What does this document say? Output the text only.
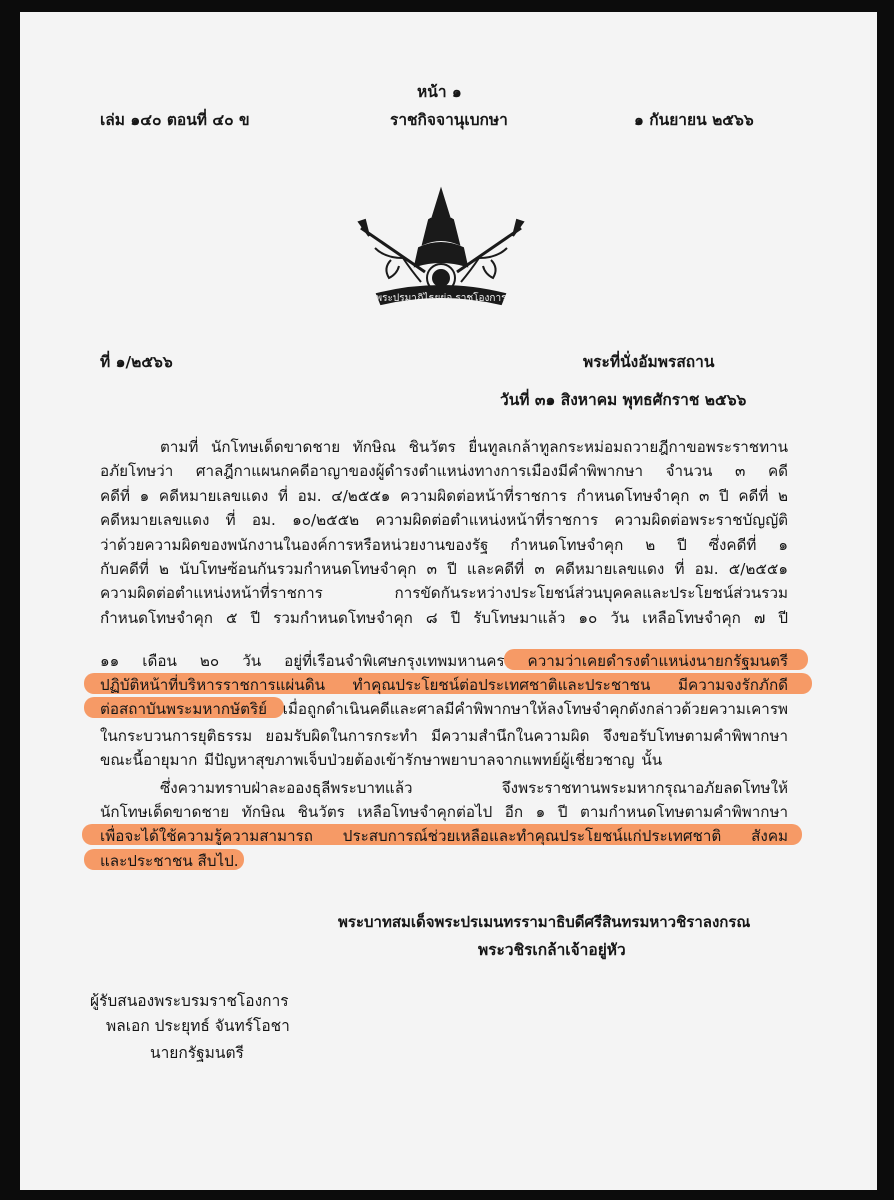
หน้า ๑
เล่ม ๑๔๐ ตอนที่ ๔๐ ข	ราชกิจจานุเบกษา	๑ กันยายน ๒๕๖๖
พระปรมาภิไธยย่อ ราชโองการ
ที่ ๑/๒๕๖๖	พระที่นั่งอัมพรสถาน
วันที่ ๓๑ สิงหาคม พุทธศักราช ๒๕๖๖
ตามที่ นักโทษเด็ดขาดชาย ทักษิณ ชินวัตร ยื่นทูลเกล้าทูลกระหม่อมถวายฎีกาขอพระราชทาน
อภัยโทษว่า ศาลฎีกาแผนกคดีอาญาของผู้ดำรงตำแหน่งทางการเมืองมีคำพิพากษา จำนวน ๓ คดี
คดีที่ ๑ คดีหมายเลขแดง ที่ อม. ๔/๒๕๕๑ ความผิดต่อหน้าที่ราชการ กำหนดโทษจำคุก ๓ ปี คดีที่ ๒
คดีหมายเลขแดง ที่ อม. ๑๐/๒๕๕๒ ความผิดต่อตำแหน่งหน้าที่ราชการ ความผิดต่อพระราชบัญญัติ
ว่าด้วยความผิดของพนักงานในองค์การหรือหน่วยงานของรัฐ กำหนดโทษจำคุก ๒ ปี ซึ่งคดีที่ ๑
กับคดีที่ ๒ นับโทษซ้อนกันรวมกำหนดโทษจำคุก ๓ ปี และคดีที่ ๓ คดีหมายเลขแดง ที่ อม. ๕/๒๕๕๑
ความผิดต่อตำแหน่งหน้าที่ราชการ การขัดกันระหว่างประโยชน์ส่วนบุคคลและประโยชน์ส่วนรวม
กำหนดโทษจำคุก ๕ ปี รวมกำหนดโทษจำคุก ๘ ปี รับโทษมาแล้ว ๑๐ วัน เหลือโทษจำคุก ๗ ปี
๑๑ เดือน ๒๐ วัน อยู่ที่เรือนจำพิเศษกรุงเทพมหานคร ความว่าเคยดำรงตำแหน่งนายกรัฐมนตรี
ปฏิบัติหน้าที่บริหารราชการแผ่นดิน ทำคุณประโยชน์ต่อประเทศชาติและประชาชน มีความจงรักภักดี
ต่อสถาบันพระมหากษัตริย์ เมื่อถูกดำเนินคดีและศาลมีคำพิพากษาให้ลงโทษจำคุกดังกล่าวด้วยความเคารพ
ในกระบวนการยุติธรรม ยอมรับผิดในการกระทำ มีความสำนึกในความผิด จึงขอรับโทษตามคำพิพากษา
ขณะนี้อายุมาก มีปัญหาสุขภาพเจ็บป่วยต้องเข้ารักษาพยาบาลจากแพทย์ผู้เชี่ยวชาญ นั้น
ซึ่งความทราบฝ่าละอองธุลีพระบาทแล้ว จึงพระราชทานพระมหากรุณาอภัยลดโทษให้
นักโทษเด็ดขาดชาย ทักษิณ ชินวัตร เหลือโทษจำคุกต่อไป อีก ๑ ปี ตามกำหนดโทษตามคำพิพากษา
เพื่อจะได้ใช้ความรู้ความสามารถ ประสบการณ์ช่วยเหลือและทำคุณประโยชน์แก่ประเทศชาติ สังคม
และประชาชน สืบไป.
พระบาทสมเด็จพระปรเมนทรรามาธิบดีศรีสินทรมหาวชิราลงกรณ
พระวชิรเกล้าเจ้าอยู่หัว
ผู้รับสนองพระบรมราชโองการ
พลเอก ประยุทธ์ จันทร์โอชา
นายกรัฐมนตรี
